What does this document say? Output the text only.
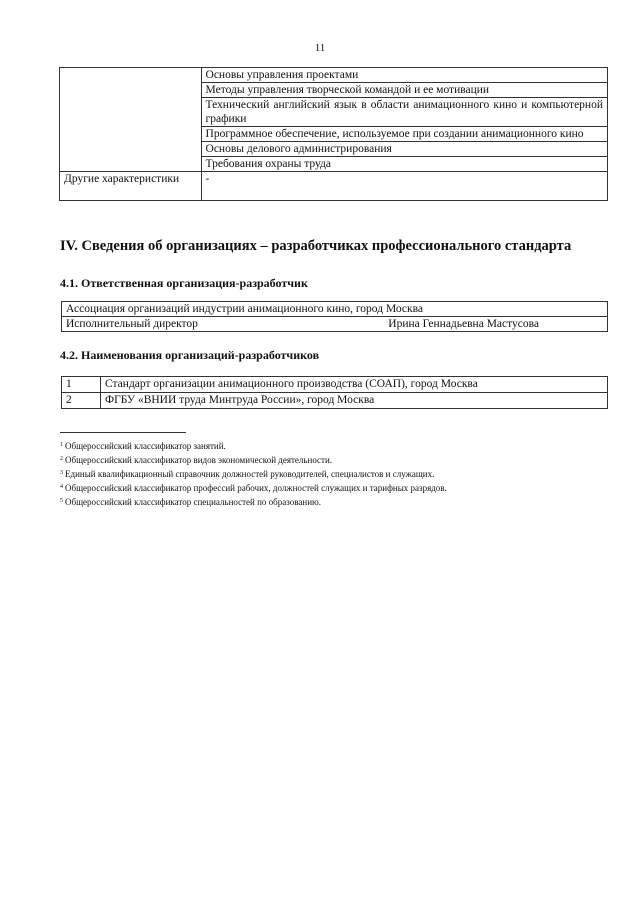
11
	Основы управления проектами
	Методы управления творческой командой и ее мотивации
	Технический английский язык в области анимационного кино и компьютерной графики
	Программное обеспечение, используемое при создании анимационного кино
	Основы делового администрирования
	Требования охраны труда
Другие характеристики	-
IV. Сведения об организациях – разработчиках профессионального стандарта
4.1. Ответственная организация-разработчик
Ассоциация организаций индустрии анимационного кино, город Москва

Исполнительный директор	Ирина Геннадьевна Мастусова
4.2. Наименования организаций-разработчиков
1	Стандарт организации анимационного производства (СОАП), город Москва
2	ФГБУ «ВНИИ труда Минтруда России», город Москва
$^1$ Общероссийский классификатор занятий.
$^2$ Общероссийский классификатор видов экономической деятельности.
$^3$ Единый квалификационный справочник должностей руководителей, специалистов и служащих.
$^4$ Общероссийский классификатор профессий рабочих, должностей служащих и тарифных разрядов.
$^5$ Общероссийский классификатор специальностей по образованию.
